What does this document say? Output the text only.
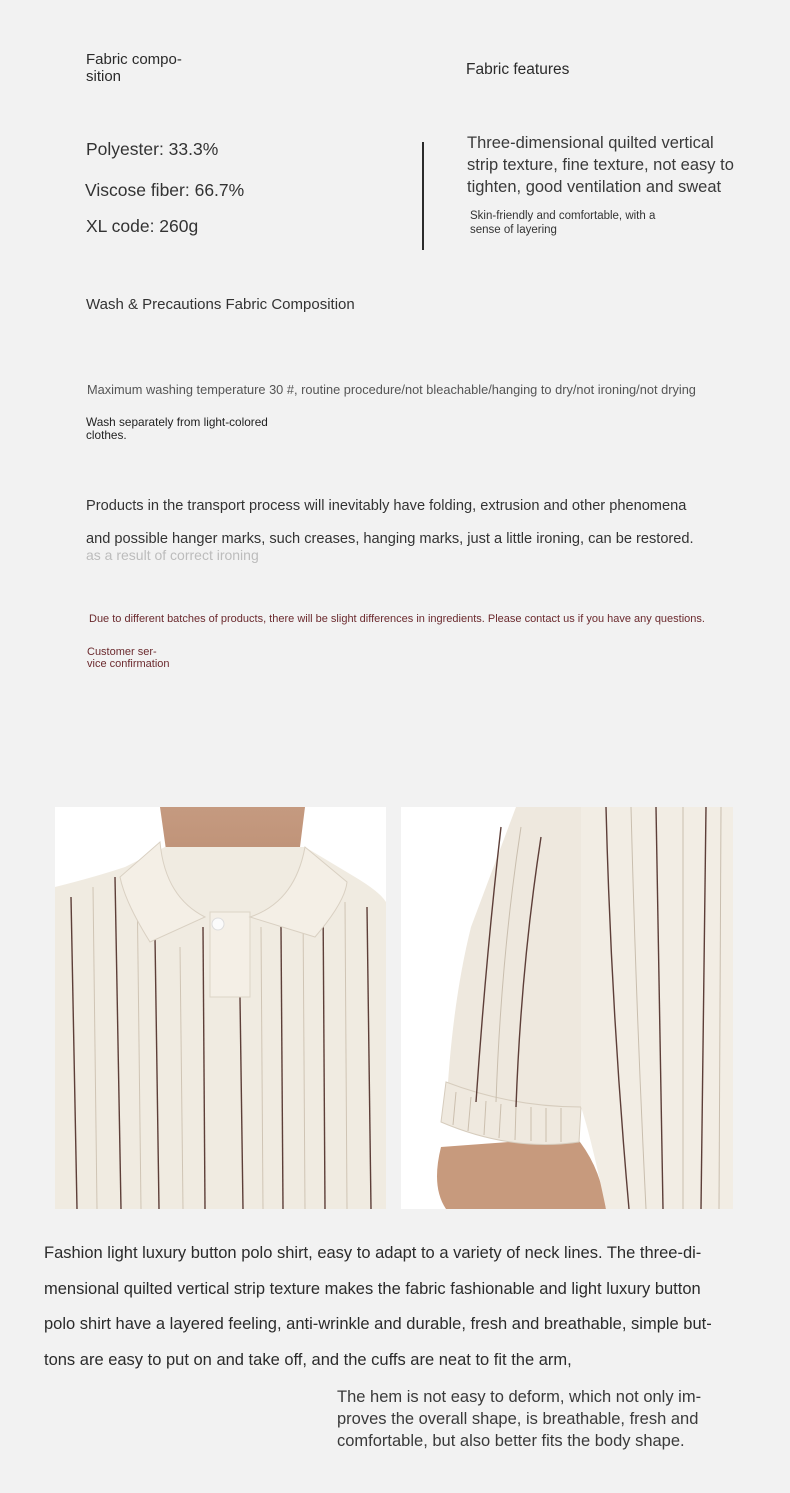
Fabric compo-
sition
Polyester: 33.3%
Viscose fiber: 66.7%
XL code: 260g
Fabric features
Three-dimensional quilted vertical
strip texture, fine texture, not easy to
tighten, good ventilation and sweat
Skin-friendly and comfortable, with a
sense of layering
Wash & Precautions Fabric Composition
Maximum washing temperature 30 #, routine procedure/not bleachable/hanging to dry/not ironing/not drying
Wash separately from light-colored
clothes.
Products in the transport process will inevitably have folding, extrusion and other phenomena
and possible hanger marks, such creases, hanging marks, just a little ironing, can be restored.
as a result of correct ironing
Due to different batches of products, there will be slight differences in ingredients. Please contact us if you have any questions.
Customer ser-
vice confirmation

Fashion light luxury button polo shirt, easy to adapt to a variety of neck lines. The three-di-

mensional quilted vertical strip texture makes the fabric fashionable and light luxury button

polo shirt have a layered feeling, anti-wrinkle and durable, fresh and breathable, simple but-

tons are easy to put on and take off, and the cuffs are neat to fit the arm,

The hem is not easy to deform, which not only im-

proves the overall shape, is breathable, fresh and

comfortable, but also better fits the body shape.
